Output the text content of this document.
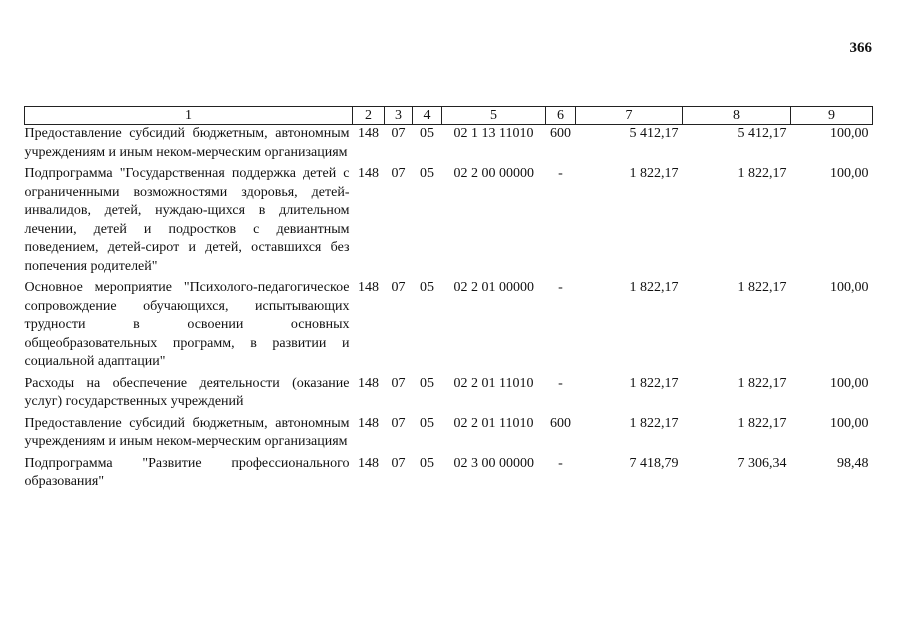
366
1	2	3	4	5	6	7	8	9
Предоставление субсидий бюджетным, автономным учреждениям и иным неком-мерческим организациям	148	07	05	02 1 13 11010	600	5 412,17	5 412,17	100,00
Подпрограмма "Государственная поддержка детей с ограниченными возможностями здоровья, детей-инвалидов, детей, нуждаю-щихся в длительном лечении, детей и подростков с девиантным поведением, детей-сирот и детей, оставшихся без попечения родителей"	148	07	05	02 2 00 00000	-	1 822,17	1 822,17	100,00
Основное мероприятие "Психолого-педагогическое сопровождение обучающихся, испытывающих трудности в освоении основных общеобразовательных программ, в развитии и социальной адаптации"	148	07	05	02 2 01 00000	-	1 822,17	1 822,17	100,00
Расходы на обеспечение деятельности (оказание услуг) государственных учреждений	148	07	05	02 2 01 11010	-	1 822,17	1 822,17	100,00
Предоставление субсидий бюджетным, автономным учреждениям и иным неком-мерческим организациям	148	07	05	02 2 01 11010	600	1 822,17	1 822,17	100,00
Подпрограмма "Развитие профессионального образования"	148	07	05	02 3 00 00000	-	7 418,79	7 306,34	98,48
